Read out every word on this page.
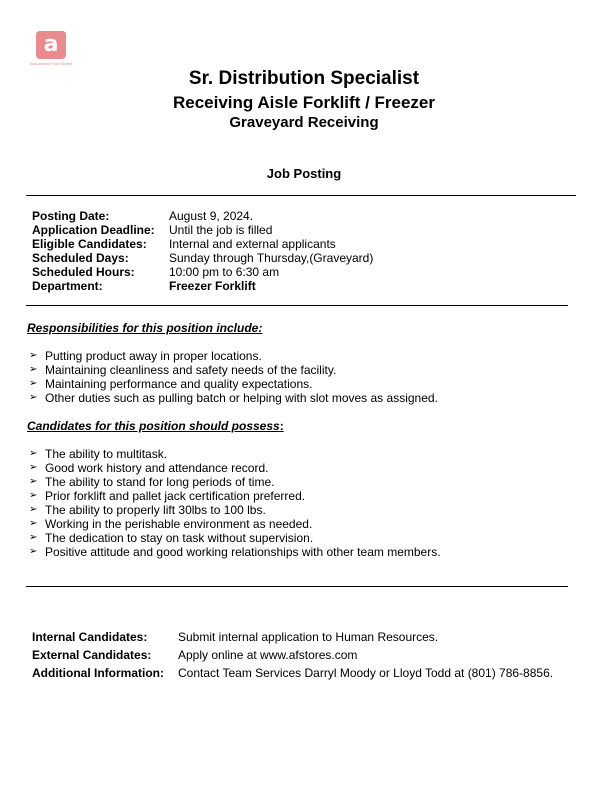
a
Associated Food Stores
Sr. Distribution Specialist
Receiving Aisle Forklift / Freezer
Graveyard Receiving
Job Posting
Posting Date:	August 9, 2024.
Application Deadline: Until the job is filled
Eligible Candidates: Internal and external applicants
Scheduled Days:	Sunday through Thursday,(Graveyard)
Scheduled Hours:	10:00 pm to 6:30 am
Department:	Freezer Forklift
Responsibilities for this position include:
➢ Putting product away in proper locations.
➢ Maintaining cleanliness and safety needs of the facility.
➢ Maintaining performance and quality expectations.
➢ Other duties such as pulling batch or helping with slot moves as assigned.
Candidates for this position should possess:
➢ The ability to multitask.
➢ Good work history and attendance record.
➢ The ability to stand for long periods of time.
➢ Prior forklift and pallet jack certification preferred.
➢ The ability to properly lift 30lbs to 100 lbs.
➢ Working in the perishable environment as needed.
➢ The dedication to stay on task without supervision.
➢ Positive attitude and good working relationships with other team members.
Internal Candidates:	Submit internal application to Human Resources.
External Candidates: Apply online at www.afstores.com
Additional Information: Contact Team Services Darryl Moody or Lloyd Todd at (801) 786-8856.
